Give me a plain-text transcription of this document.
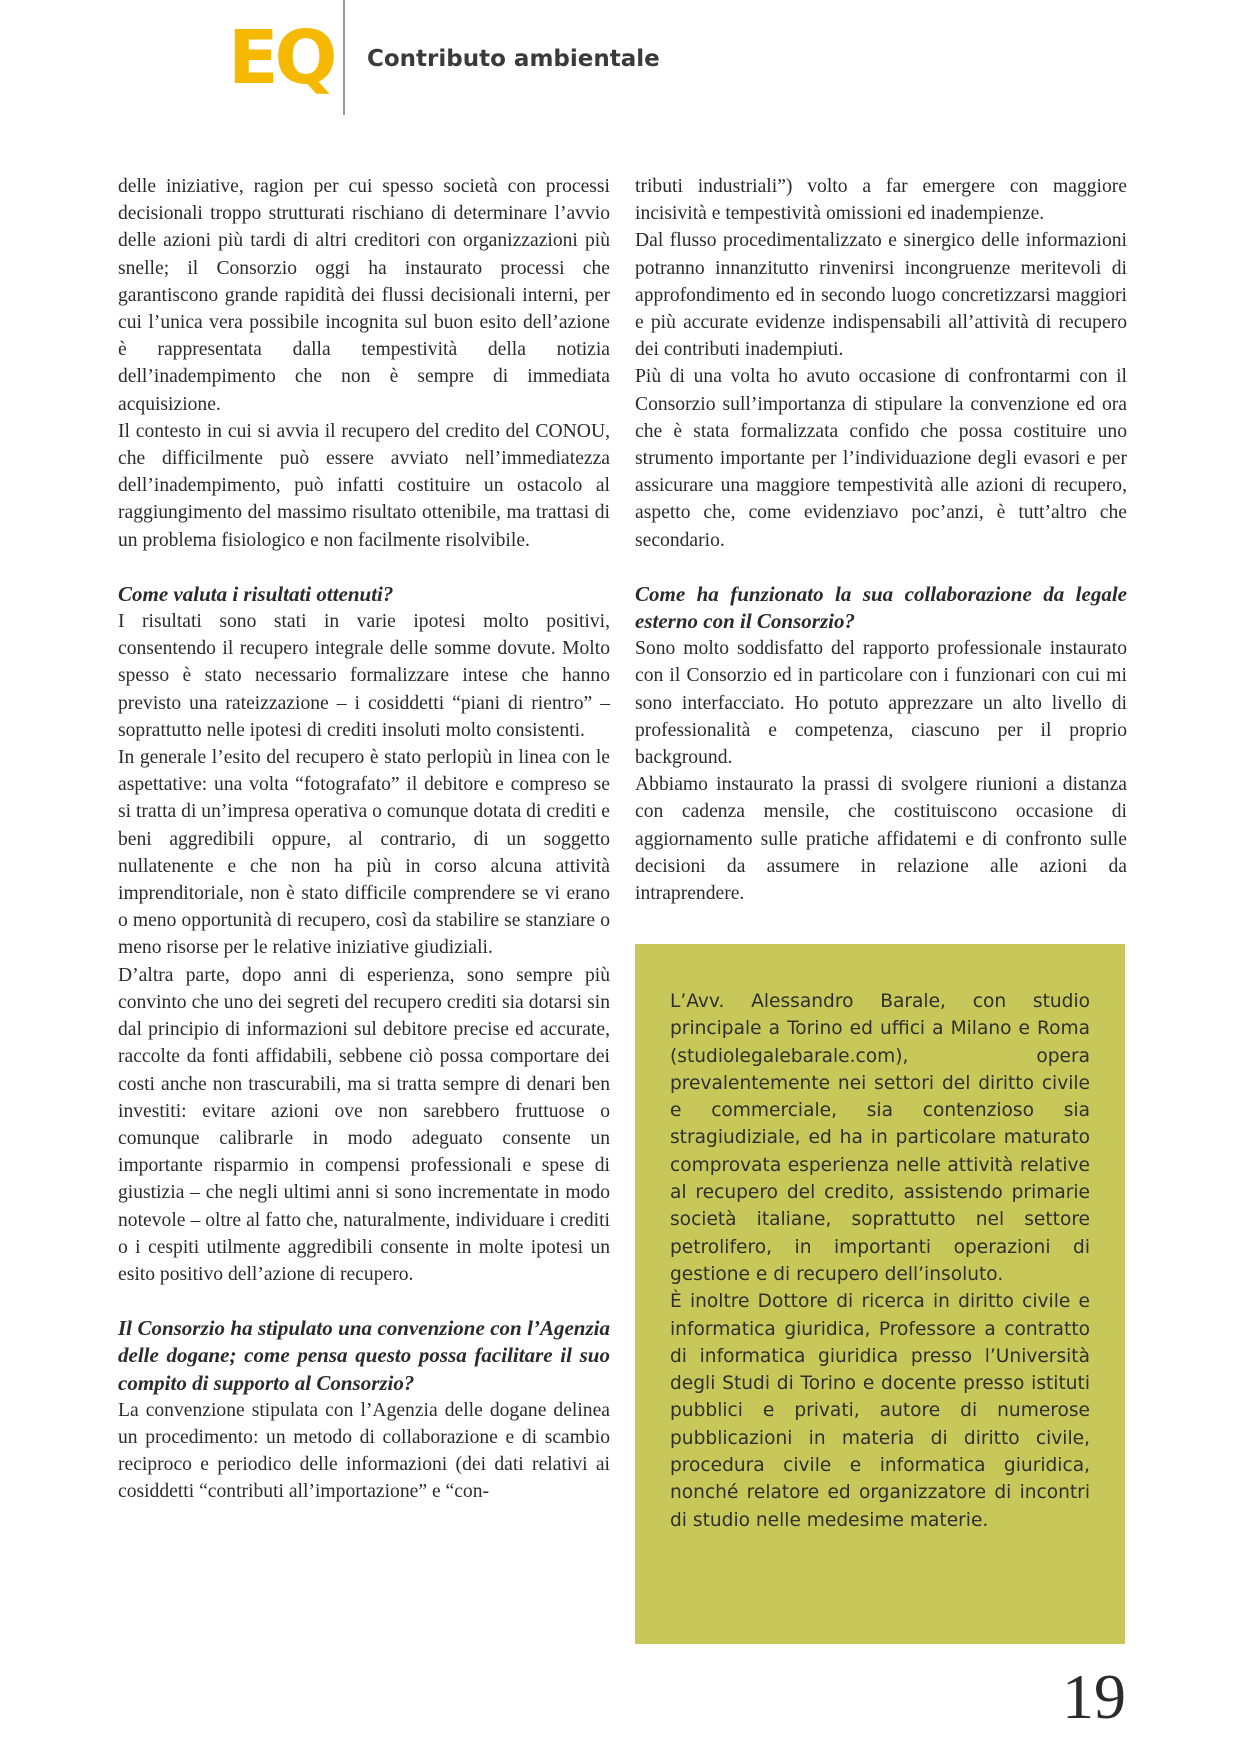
EQ Contributo ambientale

delle iniziative, ragion per cui spesso società con processi decisionali troppo strutturati rischiano di determinare l’avvio delle azioni più tardi di altri creditori con organizzazioni più snelle; il Consorzio oggi ha instaurato processi che garantiscono grande rapidità dei flussi decisionali interni, per cui l’unica vera possibile incognita sul buon esito dell’azione è rappresentata dalla tempestività della notizia dell’inadempimento che non è sempre di immediata acquisizione.

Il contesto in cui si avvia il recupero del credito del CONOU, che difficilmente può essere avviato nell’immediatezza dell’inadempimento, può infatti costituire un ostacolo al raggiungimento del massimo risultato ottenibile, ma trattasi di un problema fisiologico e non facilmente risolvibile.

Come valuta i risultati ottenuti?

I risultati sono stati in varie ipotesi molto positivi, consentendo il recupero integrale delle somme dovute. Molto spesso è stato necessario formalizzare intese che hanno previsto una rateizzazione – i cosiddetti “piani di rientro” – soprattutto nelle ipotesi di crediti insoluti molto consistenti.

In generale l’esito del recupero è stato perlopiù in linea con le aspettative: una volta “fotografato” il debitore e compreso se si tratta di un’impresa operativa o comunque dotata di crediti e beni aggredibili oppure, al contrario, di un soggetto nullatenente e che non ha più in corso alcuna attività imprenditoriale, non è stato difficile comprendere se vi erano o meno opportunità di recupero, così da stabilire se stanziare o meno risorse per le relative iniziative giudiziali.

D’altra parte, dopo anni di esperienza, sono sempre più convinto che uno dei segreti del recupero crediti sia dotarsi sin dal principio di informazioni sul debitore precise ed accurate, raccolte da fonti affidabili, sebbene ciò possa comportare dei costi anche non trascurabili, ma si tratta sempre di denari ben investiti: evitare azioni ove non sarebbero fruttuose o comunque calibrarle in modo adeguato consente un importante risparmio in compensi professionali e spese di giustizia – che negli ultimi anni si sono incrementate in modo notevole – oltre al fatto che, naturalmente, individuare i crediti o i cespiti utilmente aggredibili consente in molte ipotesi un esito positivo dell’azione di recupero.

Il Consorzio ha stipulato una convenzione con l’Agenzia delle dogane; come pensa questo possa facilitare il suo compito di supporto al Consorzio?

La convenzione stipulata con l’Agenzia delle dogane delinea un procedimento: un metodo di collaborazione e di scambio reciproco e periodico delle informazioni (dei dati relativi ai cosiddetti “contributi all’importazione” e “con-

tributi industriali”) volto a far emergere con maggiore incisività e tempestività omissioni ed inadempienze.

Dal flusso procedimentalizzato e sinergico delle informazioni potranno innanzitutto rinvenirsi incongruenze meritevoli di approfondimento ed in secondo luogo concretizzarsi maggiori e più accurate evidenze indispensabili all’attività di recupero dei contributi inadempiuti.

Più di una volta ho avuto occasione di confrontarmi con il Consorzio sull’importanza di stipulare la convenzione ed ora che è stata formalizzata confido che possa costituire uno strumento importante per l’individuazione degli evasori e per assicurare una maggiore tempestività alle azioni di recupero, aspetto che, come evidenziavo poc’anzi, è tutt’altro che secondario.

Come ha funzionato la sua collaborazione da legale esterno con il Consorzio?

Sono molto soddisfatto del rapporto professionale instaurato con il Consorzio ed in particolare con i funzionari con cui mi sono interfacciato. Ho potuto apprezzare un alto livello di professionalità e competenza, ciascuno per il proprio background.

Abbiamo instaurato la prassi di svolgere riunioni a distanza con cadenza mensile, che costituiscono occasione di aggiornamento sulle pratiche affidatemi e di confronto sulle decisioni da assumere in relazione alle azioni da intraprendere.

L’Avv. Alessandro Barale, con studio principale a Torino ed uffici a Milano e Roma (studiolegalebarale.com), opera prevalentemente nei settori del diritto civile e commerciale, sia contenzioso sia stragiudiziale, ed ha in particolare maturato comprovata esperienza nelle attività relative al recupero del credito, assistendo primarie società italiane, soprattutto nel settore petrolifero, in importanti operazioni di gestione e di recupero dell’insoluto.

È inoltre Dottore di ricerca in diritto civile e informatica giuridica, Professore a contratto di informatica giuridica presso l’Università degli Studi di Torino e docente presso istituti pubblici e privati, autore di numerose pubblicazioni in materia di diritto civile, procedura civile e informatica giuridica, nonché relatore ed organizzatore di incontri di studio nelle medesime materie.

19
